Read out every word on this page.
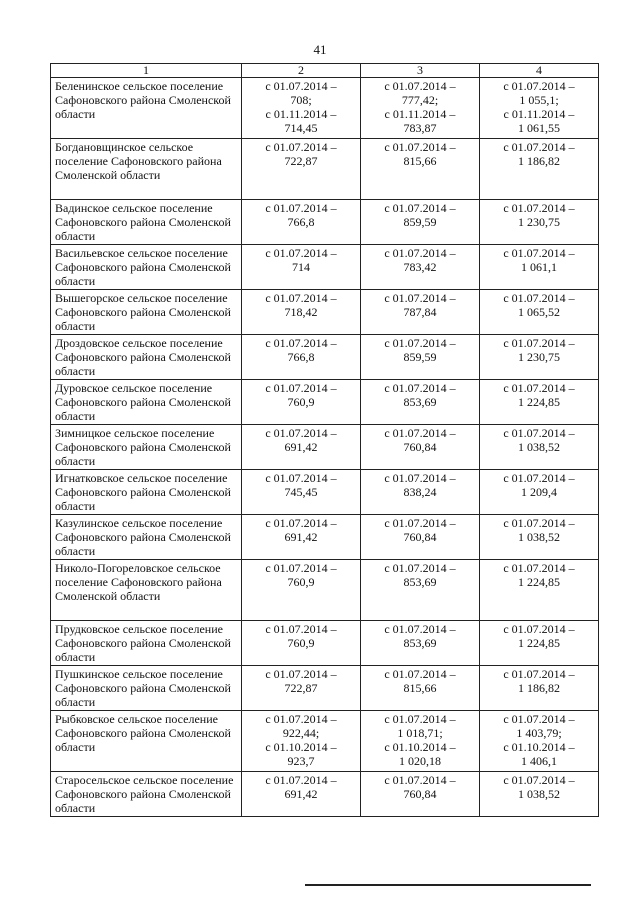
41
1	2	3	4
Беленинское сельское поселение Сафоновского района Смоленской области	с 01.07.2014 –
708;
с 01.11.2014 –
714,45	с 01.07.2014 –
777,42;
с 01.11.2014 –
783,87	с 01.07.2014 –
1 055,1;
с 01.11.2014 –
1 061,55

Богдановщинское сельское поселение Сафоновского района Смоленской области	с 01.07.2014 –
722,87	с 01.07.2014 –
815,66	с 01.07.2014 –
1 186,82

Вадинское сельское поселение Сафоновского района Смоленской области	с 01.07.2014 –
766,8	с 01.07.2014 –
859,59	с 01.07.2014 –
1 230,75

Васильевское сельское поселение Сафоновского района Смоленской области	с 01.07.2014 –
714	с 01.07.2014 –
783,42	с 01.07.2014 –
1 061,1

Вышегорское сельское поселение Сафоновского района Смоленской области	с 01.07.2014 –
718,42	с 01.07.2014 –
787,84	с 01.07.2014 –
1 065,52

Дроздовское сельское поселение Сафоновского района Смоленской области	с 01.07.2014 –
766,8	с 01.07.2014 –
859,59	с 01.07.2014 –
1 230,75

Дуровское сельское поселение Сафоновского района Смоленской области	с 01.07.2014 –
760,9	с 01.07.2014 –
853,69	с 01.07.2014 –
1 224,85

Зимницкое сельское поселение Сафоновского района Смоленской области	с 01.07.2014 –
691,42	с 01.07.2014 –
760,84	с 01.07.2014 –
1 038,52

Игнатковское сельское поселение Сафоновского района Смоленской области	с 01.07.2014 –
745,45	с 01.07.2014 –
838,24	с 01.07.2014 –
1 209,4

Казулинское сельское поселение Сафоновского района Смоленской области	с 01.07.2014 –
691,42	с 01.07.2014 –
760,84	с 01.07.2014 –
1 038,52

Николо-Погореловское сельское поселение Сафоновского района Смоленской области	с 01.07.2014 –
760,9	с 01.07.2014 –
853,69	с 01.07.2014 –
1 224,85

Прудковское сельское поселение Сафоновского района Смоленской области	с 01.07.2014 –
760,9	с 01.07.2014 –
853,69	с 01.07.2014 –
1 224,85

Пушкинское сельское поселение Сафоновского района Смоленской области	с 01.07.2014 –
722,87	с 01.07.2014 –
815,66	с 01.07.2014 –
1 186,82

Рыбковское сельское поселение Сафоновского района Смоленской области	с 01.07.2014 –
922,44;
с 01.10.2014 –
923,7	с 01.07.2014 –
1 018,71;
с 01.10.2014 –
1 020,18	с 01.07.2014 –
1 403,79;
с 01.10.2014 –
1 406,1

Старосельское сельское поселение Сафоновского района Смоленской области	с 01.07.2014 –
691,42	с 01.07.2014 –
760,84	с 01.07.2014 –
1 038,52
